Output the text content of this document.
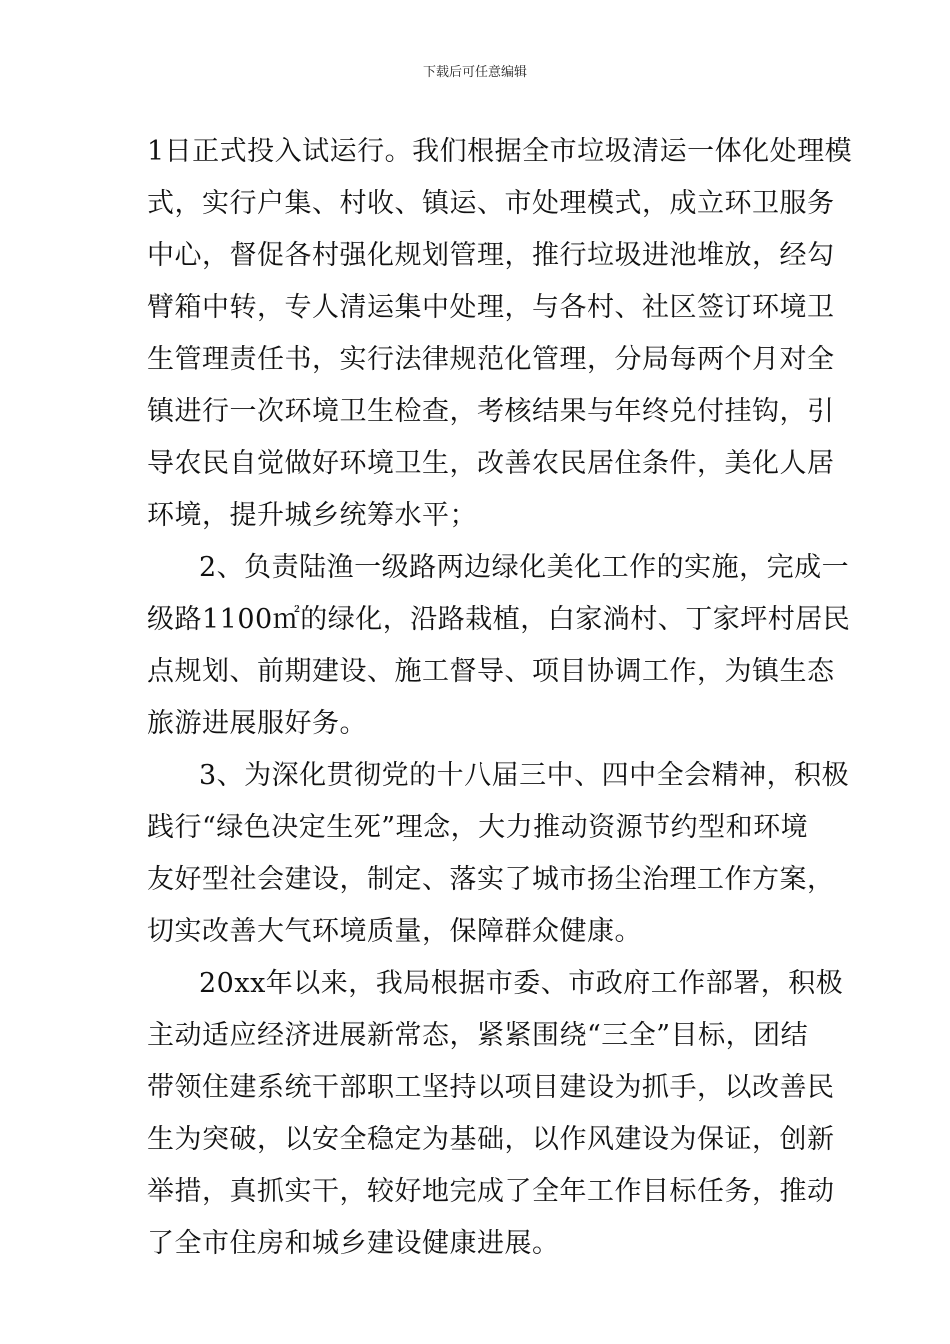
下载后可任意编辑
1日正式投入试运行。我们根据全市垃圾清运一体化处理模
式，实行户集、村收、镇运、市处理模式，成立环卫服务
中心，督促各村强化规划管理，推行垃圾进池堆放，经勾
臂箱中转，专人清运集中处理，与各村、社区签订环境卫
生管理责任书，实行法律规范化管理，分局每两个月对全
镇进行一次环境卫生检查，考核结果与年终兑付挂钩，引
导农民自觉做好环境卫生，改善农民居住条件，美化人居
环境，提升城乡统筹水平；
2、负责陆渔一级路两边绿化美化工作的实施，完成一
级路1100㎡的绿化，沿路栽植，白家淌村、丁家坪村居民
点规划、前期建设、施工督导、项目协调工作，为镇生态
旅游进展服好务。
3、为深化贯彻党的十八届三中、四中全会精神，积极
践行“绿色决定生死”理念，大力推动资源节约型和环境
友好型社会建设，制定、落实了城市扬尘治理工作方案，
切实改善大气环境质量，保障群众健康。
20xx年以来，我局根据市委、市政府工作部署，积极
主动适应经济进展新常态，紧紧围绕“三全”目标，团结
带领住建系统干部职工坚持以项目建设为抓手，以改善民
生为突破，以安全稳定为基础，以作风建设为保证，创新
举措，真抓实干，较好地完成了全年工作目标任务，推动
了全市住房和城乡建设健康进展。
